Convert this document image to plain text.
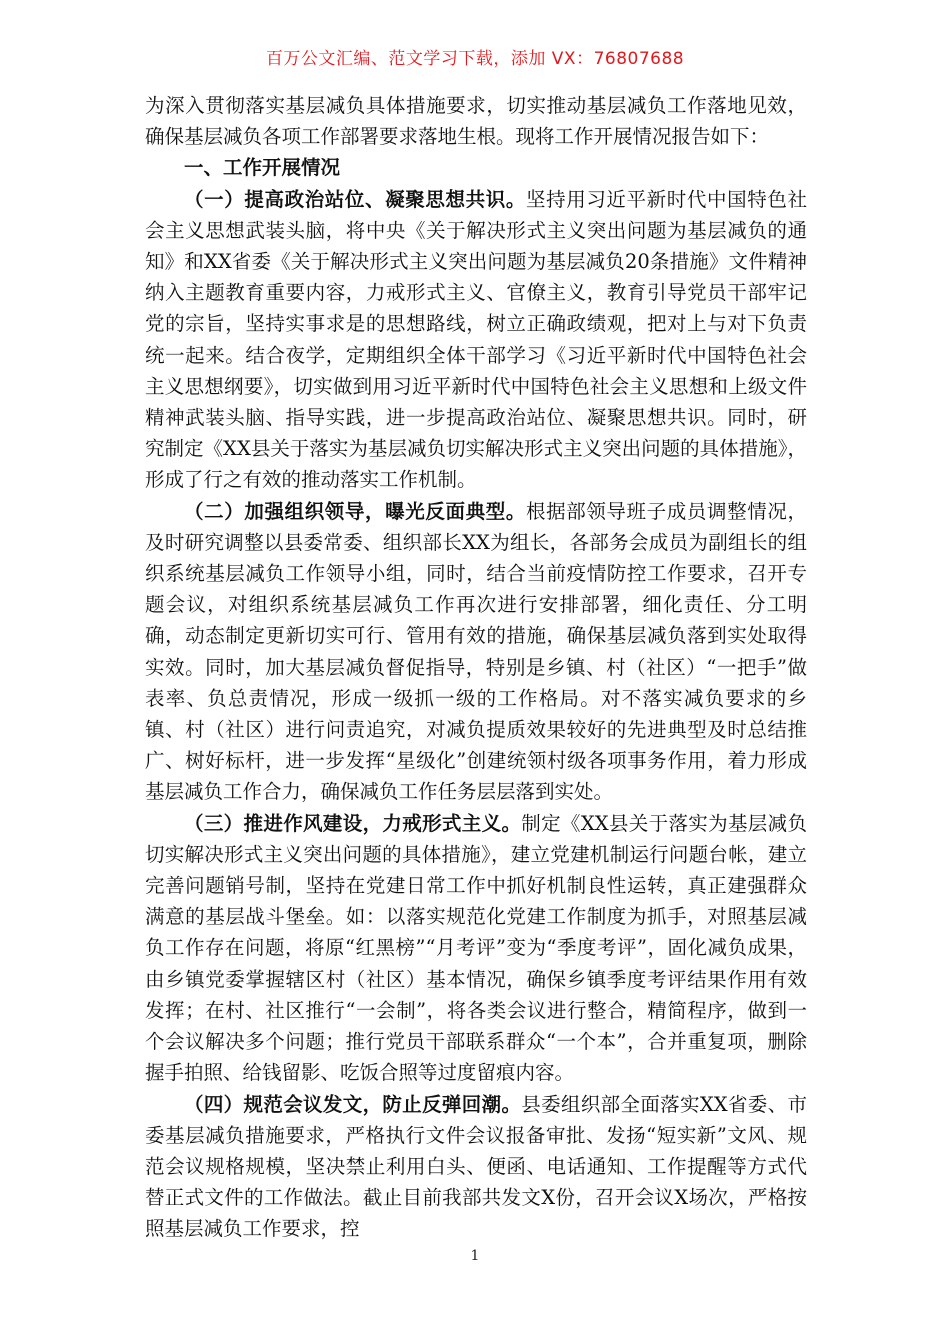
百万公文汇编、范文学习下载，添加 VX：76807688

为深入贯彻落实基层减负具体措施要求，切实推动基层减负工作落地见效，确保基层减负各项工作部署要求落地生根。现将工作开展情况报告如下：

一、工作开展情况

（一）提高政治站位、凝聚思想共识。坚持用习近平新时代中国特色社会主义思想武装头脑，将中央《关于解决形式主义突出问题为基层减负的通知》和XX省委《关于解决形式主义突出问题为基层减负20条措施》文件精神纳入主题教育重要内容，力戒形式主义、官僚主义，教育引导党员干部牢记党的宗旨，坚持实事求是的思想路线，树立正确政绩观，把对上与对下负责统一起来。结合夜学，定期组织全体干部学习《习近平新时代中国特色社会主义思想纲要》，切实做到用习近平新时代中国特色社会主义思想和上级文件精神武装头脑、指导实践，进一步提高政治站位、凝聚思想共识。同时，研究制定《XX县关于落实为基层减负切实解决形式主义突出问题的具体措施》，形成了行之有效的推动落实工作机制。

（二）加强组织领导，曝光反面典型。根据部领导班子成员调整情况，及时研究调整以县委常委、组织部长XX为组长，各部务会成员为副组长的组织系统基层减负工作领导小组，同时，结合当前疫情防控工作要求，召开专题会议，对组织系统基层减负工作再次进行安排部署，细化责任、分工明确，动态制定更新切实可行、管用有效的措施，确保基层减负落到实处取得实效。同时，加大基层减负督促指导，特别是乡镇、村（社区）“一把手”做表率、负总责情况，形成一级抓一级的工作格局。对不落实减负要求的乡镇、村（社区）进行问责追究，对减负提质效果较好的先进典型及时总结推广、树好标杆，进一步发挥“星级化”创建统领村级各项事务作用，着力形成基层减负工作合力，确保减负工作任务层层落到实处。

（三）推进作风建设，力戒形式主义。制定《XX县关于落实为基层减负切实解决形式主义突出问题的具体措施》，建立党建机制运行问题台帐，建立完善问题销号制，坚持在党建日常工作中抓好机制良性运转，真正建强群众满意的基层战斗堡垒。如：以落实规范化党建工作制度为抓手，对照基层减负工作存在问题，将原“红黑榜”“月考评”变为“季度考评”，固化减负成果，由乡镇党委掌握辖区村（社区）基本情况，确保乡镇季度考评结果作用有效发挥；在村、社区推行“一会制”，将各类会议进行整合，精简程序，做到一个会议解决多个问题；推行党员干部联系群众“一个本”，合并重复项，删除握手拍照、给钱留影、吃饭合照等过度留痕内容。

（四）规范会议发文，防止反弹回潮。县委组织部全面落实XX省委、市委基层减负措施要求，严格执行文件会议报备审批、发扬“短实新”文风、规范会议规格规模，坚决禁止利用白头、便函、电话通知、工作提醒等方式代替正式文件的工作做法。截止目前我部共发文X份，召开会议X场次，严格按照基层减负工作要求，控

1
